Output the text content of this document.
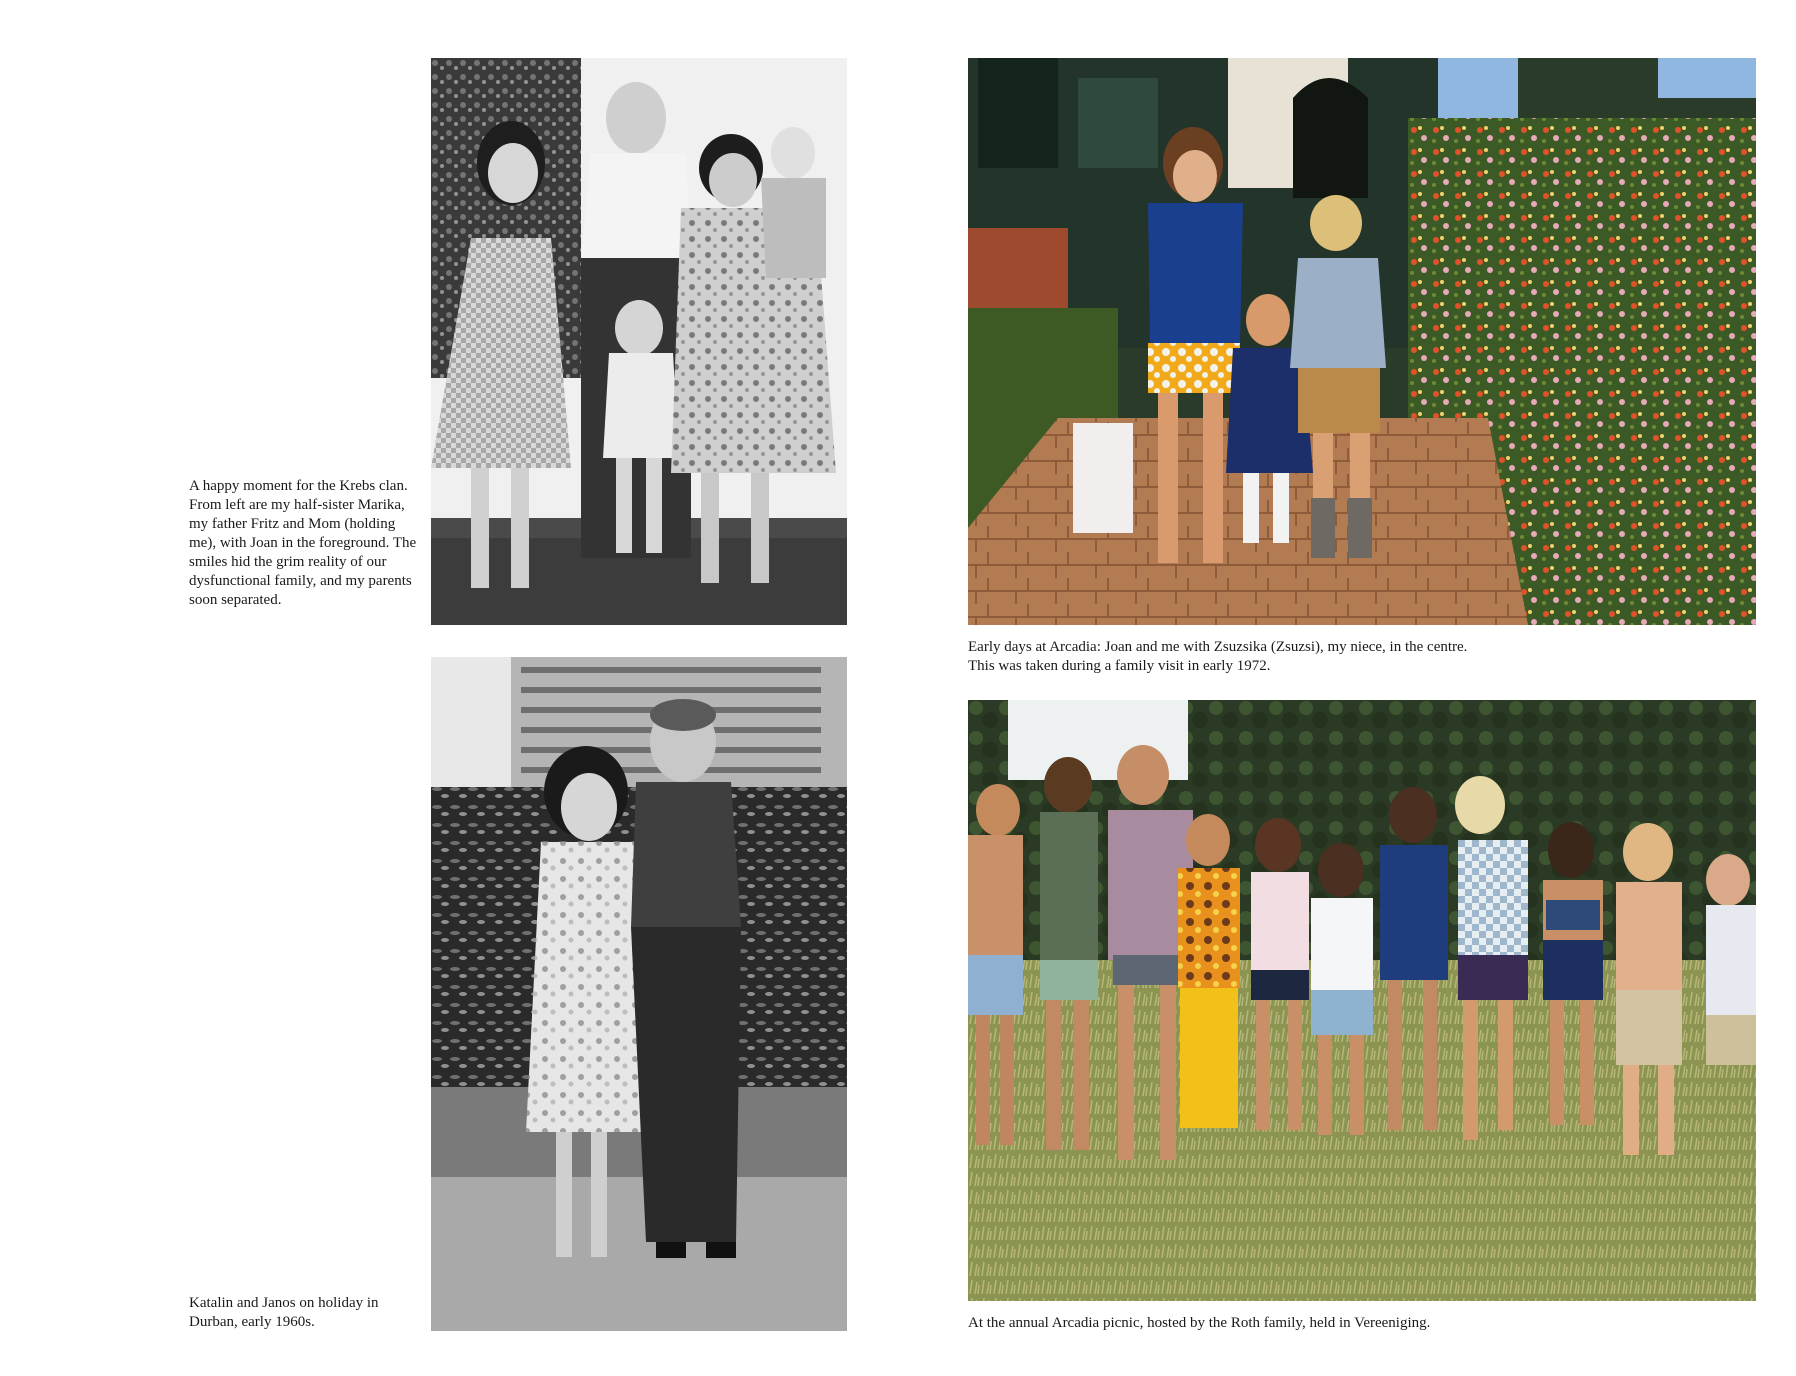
A happy moment for the Krebs clan. From left are my half-sister Marika, my father Fritz and Mom (holding me), with Joan in the foreground. The smiles hid the grim reality of our dysfunctional family, and my parents soon separated.
Katalin and Janos on holiday in Durban, early 1960s.

Early days at Arcadia: Joan and me with Zsuzsika (Zsuzsi), my niece, in the centre.

This was taken during a family visit in early 1972.

At the annual Arcadia picnic, hosted by the Roth family, held in Vereeniging.
